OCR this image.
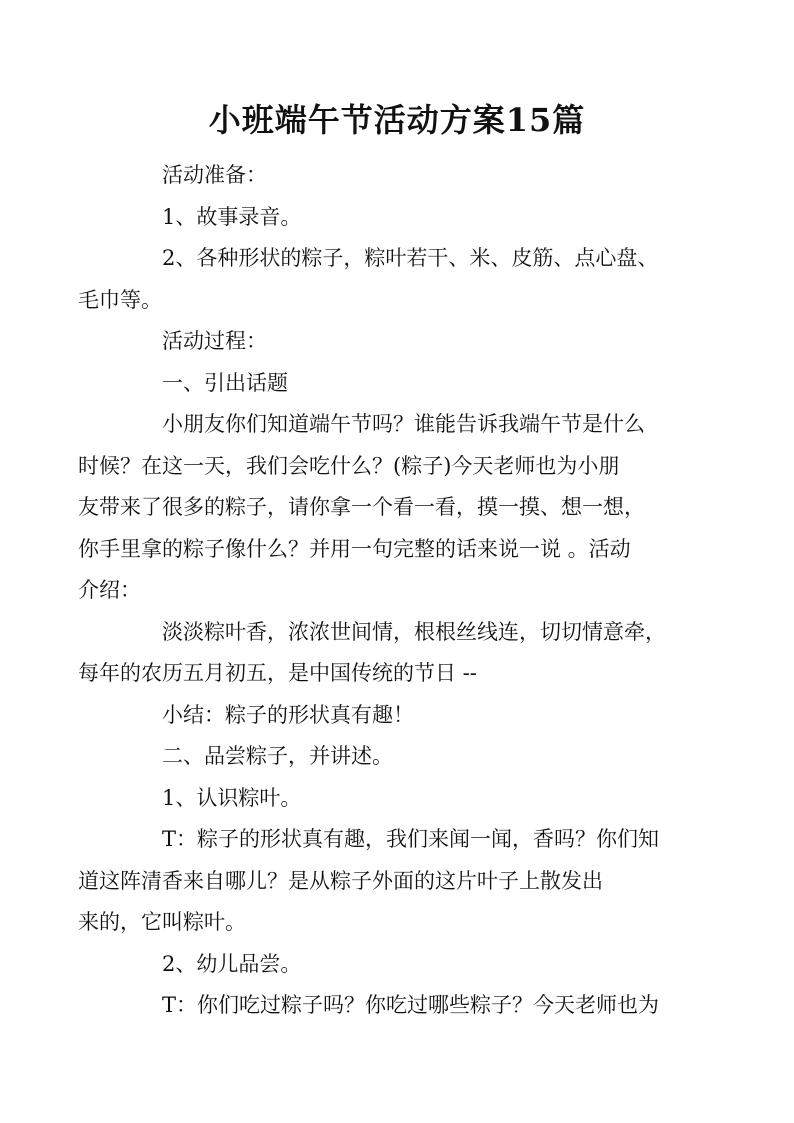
小班端午节活动方案15篇

活动准备：

1、故事录音。

2、各种形状的粽子，粽叶若干、米、皮筋、点心盘、
毛巾等。

活动过程：

一、引出话题

小朋友你们知道端午节吗？谁能告诉我端午节是什么
时候？在这一天，我们会吃什么？(粽子)今天老师也为小朋
友带来了很多的粽子，请你拿一个看一看，摸一摸、想一想，
你手里拿的粽子像什么？并用一句完整的话来说一说 。活动
介绍：

淡淡粽叶香，浓浓世间情，根根丝线连，切切情意牵，
每年的农历五月初五，是中国传统的节日 --

小结：粽子的形状真有趣！

二、品尝粽子，并讲述。

1、认识粽叶。

T：粽子的形状真有趣，我们来闻一闻，香吗？你们知
道这阵清香来自哪儿？是从粽子外面的这片叶子上散发出
来的，它叫粽叶。

2、幼儿品尝。

T：你们吃过粽子吗？你吃过哪些粽子？今天老师也为
